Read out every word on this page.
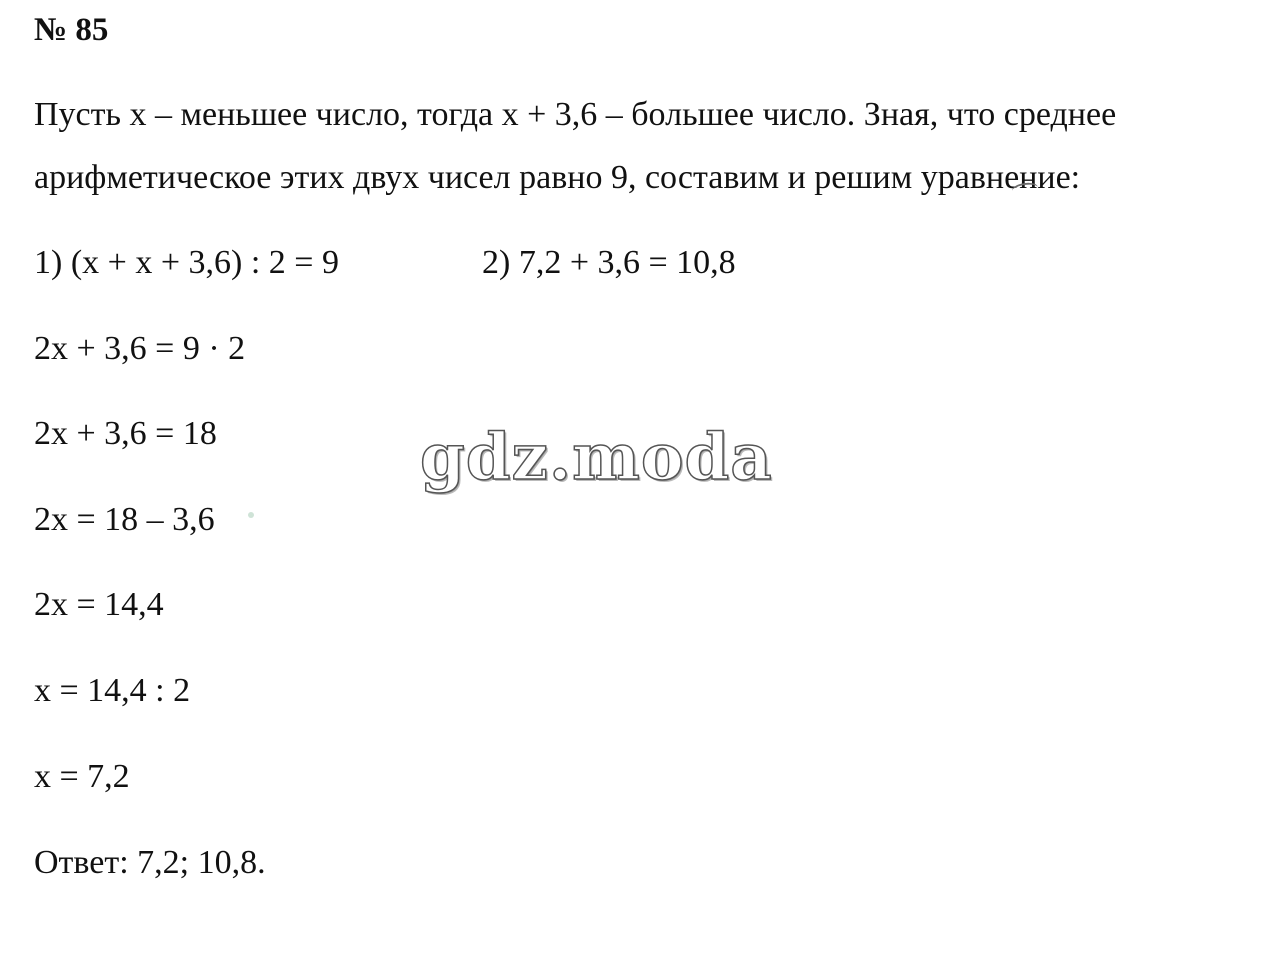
№ 85
Пусть х – меньшее число, тогда х + 3,6 – большее число. Зная, что среднее
арифметическое этих двух чисел равно 9, составим и решим уравнение:
1) (х + х + 3,6) : 2 = 9	2) 7,2 + 3,6 = 10,8
2х + 3,6 = 9 · 2
2х + 3,6 = 18
2х = 18 – 3,6
2х = 14,4
х = 14,4 : 2
х = 7,2
Ответ: 7,2; 10,8.
gdz.moda
